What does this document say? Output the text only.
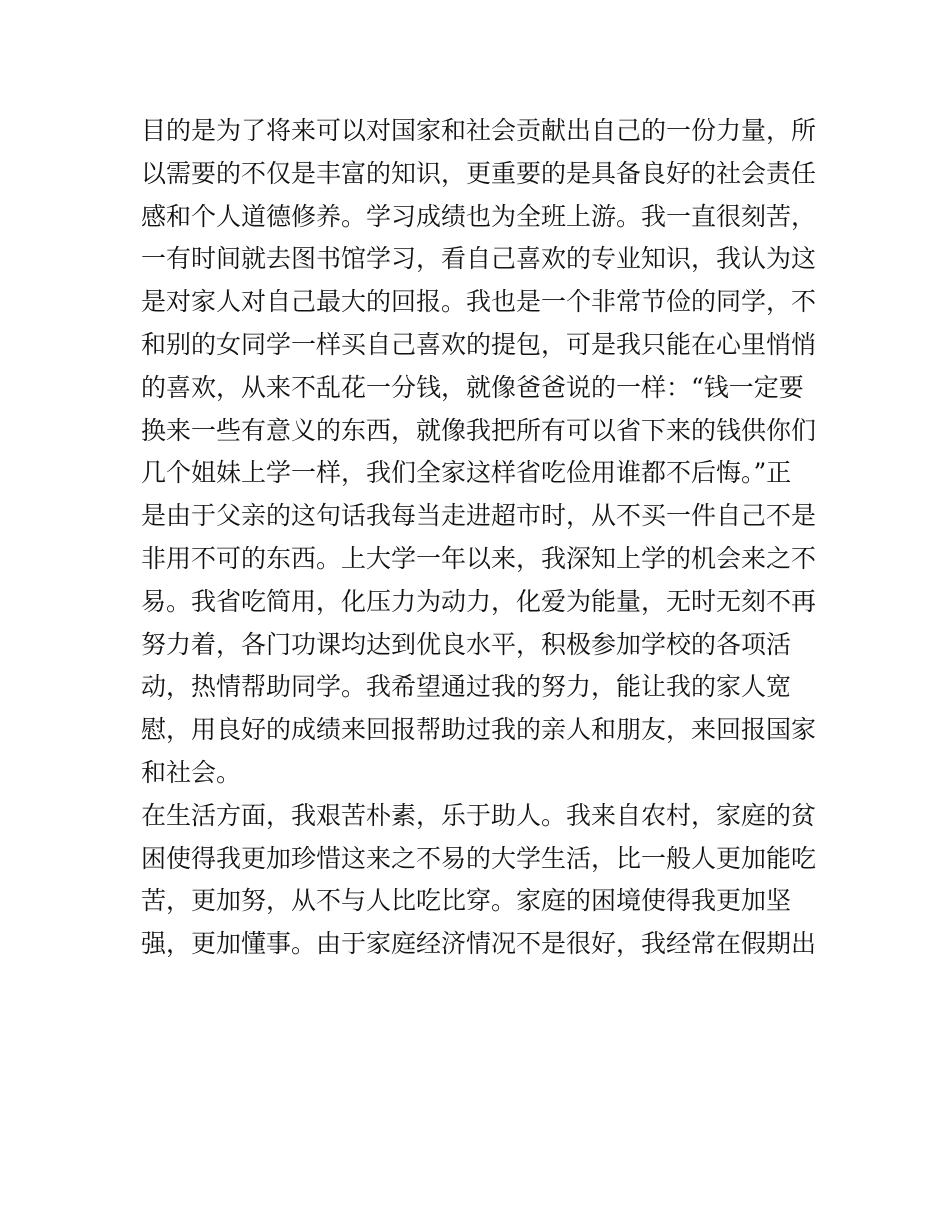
目的是为了将来可以对国家和社会贡献出自己的一份力量，所
以需要的不仅是丰富的知识，更重要的是具备良好的社会责任
感和个人道德修养。学习成绩也为全班上游。我一直很刻苦，
一有时间就去图书馆学习，看自己喜欢的专业知识，我认为这
是对家人对自己最大的回报。我也是一个非常节俭的同学，不
和别的女同学一样买自己喜欢的提包，可是我只能在心里悄悄
的喜欢，从来不乱花一分钱，就像爸爸说的一样：“钱一定要
换来一些有意义的东西，就像我把所有可以省下来的钱供你们
几个姐妹上学一样，我们全家这样省吃俭用谁都不后悔。”正
是由于父亲的这句话我每当走进超市时，从不买一件自己不是
非用不可的东西。上大学一年以来，我深知上学的机会来之不
易。我省吃简用，化压力为动力，化爱为能量，无时无刻不再
努力着，各门功课均达到优良水平，积极参加学校的各项活
动，热情帮助同学。我希望通过我的努力，能让我的家人宽
慰，用良好的成绩来回报帮助过我的亲人和朋友，来回报国家
和社会。
在生活方面，我艰苦朴素，乐于助人。我来自农村，家庭的贫
困使得我更加珍惜这来之不易的大学生活，比一般人更加能吃
苦，更加努，从不与人比吃比穿。家庭的困境使得我更加坚
强，更加懂事。由于家庭经济情况不是很好，我经常在假期出
